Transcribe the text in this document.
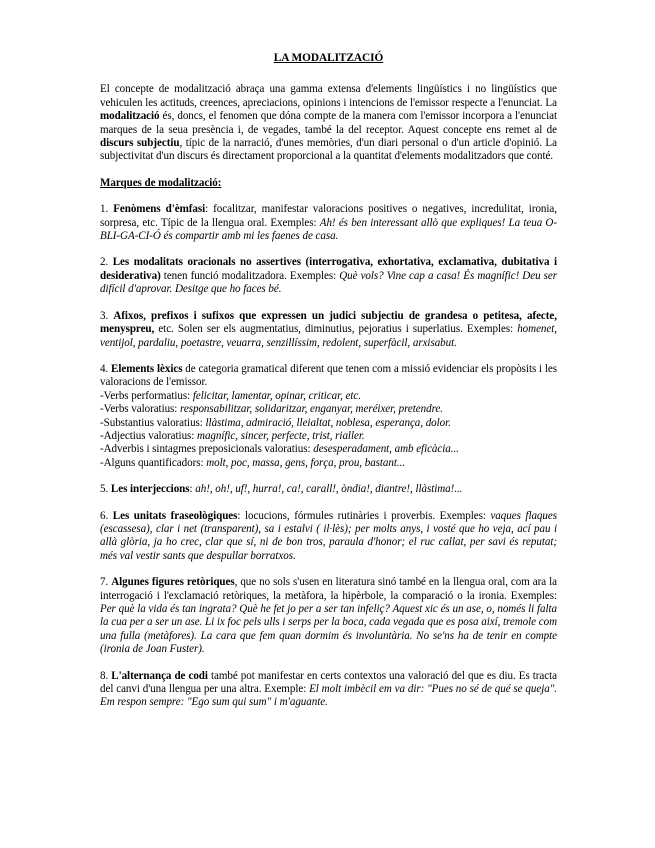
LA MODALITZACIÓ

El concepte de modalització abraça una gamma extensa d'elements lingüístics i no lingüístics que vehiculen les actituds, creences, apreciacions, opinions i intencions de l'emissor respecte a l'enunciat. La modalització és, doncs, el fenomen que dóna compte de la manera com l'emissor incorpora a l'enunciat marques de la seua presència i, de vegades, també la del receptor. Aquest concepte ens remet al de discurs subjectiu, típic de la narració, d'unes memòries, d'un diari personal o d'un article d'opinió. La subjectivitat d'un discurs és directament proporcional a la quantitat d'elements modalitzadors que conté.

Marques de modalització:

1. Fenòmens d'èmfasi: focalitzar, manifestar valoracions positives o negatives, incredulitat, ironia, sorpresa, etc. Típic de la llengua oral. Exemples: Ah! és ben interessant allò que expliques! La teua O-BLI-GA-CI-Ó és compartir amb mi les faenes de casa.

2. Les modalitats oracionals no assertives (interrogativa, exhortativa, exclamativa, dubitativa i desiderativa) tenen funció modalitzadora. Exemples: Què vols? Vine cap a casa! És magnífic! Deu ser difícil d'aprovar. Desitge que ho faces bé.

3. Afixos, prefixos i sufixos que expressen un judici subjectiu de grandesa o petitesa, afecte, menyspreu, etc. Solen ser els augmentatius, diminutius, pejoratius i superlatius. Exemples: homenet, ventijol, pardaliu, poetastre, veuarra, senzillíssim, redolent, superfàcil, arxisabut.

4. Elements lèxics de categoria gramatical diferent que tenen com a missió evidenciar els propòsits i les valoracions de l'emissor.
-Verbs performatius: felicitar, lamentar, opinar, criticar, etc.
-Verbs valoratius: responsabilitzar, solidaritzar, enganyar, meréixer, pretendre.
-Substantius valoratius: llàstima, admiració, lleialtat, noblesa, esperança, dolor.
-Adjectius valoratius: magnífic, sincer, perfecte, trist, rialler.
-Adverbis i sintagmes preposicionals valoratius: desesperadament, amb eficàcia...
-Alguns quantificadors: molt, poc, massa, gens, força, prou, bastant...

5. Les interjeccions: ah!, oh!, uf!, hurra!, ca!, carall!, òndia!, diantre!, llàstima!...

6. Les unitats fraseològiques: locucions, fórmules rutinàries i proverbis. Exemples: vaques flaques (escassesa), clar i net (transparent), sa i estalvi ( il·lès); per molts anys, i vosté que ho veja, ací pau i allà glòria, ja ho crec, clar que sí, ni de bon tros, paraula d'honor; el ruc callat, per savi és reputat; més val vestir sants que despullar borratxos.

7. Algunes figures retòriques, que no sols s'usen en literatura sinó també en la llengua oral, com ara la interrogació i l'exclamació retòriques, la metàfora, la hipèrbole, la comparació o la ironia. Exemples: Per què la vida és tan ingrata? Què he fet jo per a ser tan infeliç? Aquest xic és un ase, o, només li falta la cua per a ser un ase. Li ix foc pels ulls i serps per la boca, cada vegada que es posa així, tremole com una fulla (metàfores). La cara que fem quan dormim és involuntària. No se'ns ha de tenir en compte (ironia de Joan Fuster).

8. L'alternança de codi també pot manifestar en certs contextos una valoració del que es diu. Es tracta del canvi d'una llengua per una altra. Exemple: El molt imbècil em va dir: "Pues no sé de qué se queja". Em respon sempre: "Ego sum qui sum" i m'aguante.
